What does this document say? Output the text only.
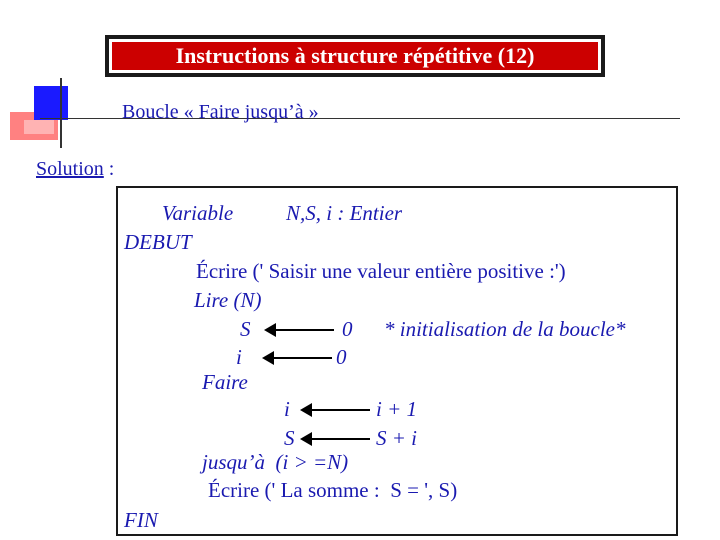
Instructions à structure répétitive (12)
Boucle « Faire jusqu’à »
Solution :
Variable	N,S, i : Entier
DEBUT
Écrire (' Saisir une valeur entière positive :')
Lire (N)
S	0 * initialisation de la boucle*
i	0
Faire
i	i + 1
S	S + i
jusqu’à  (i > =N)
Écrire (' La somme :  S = ', S)
FIN
